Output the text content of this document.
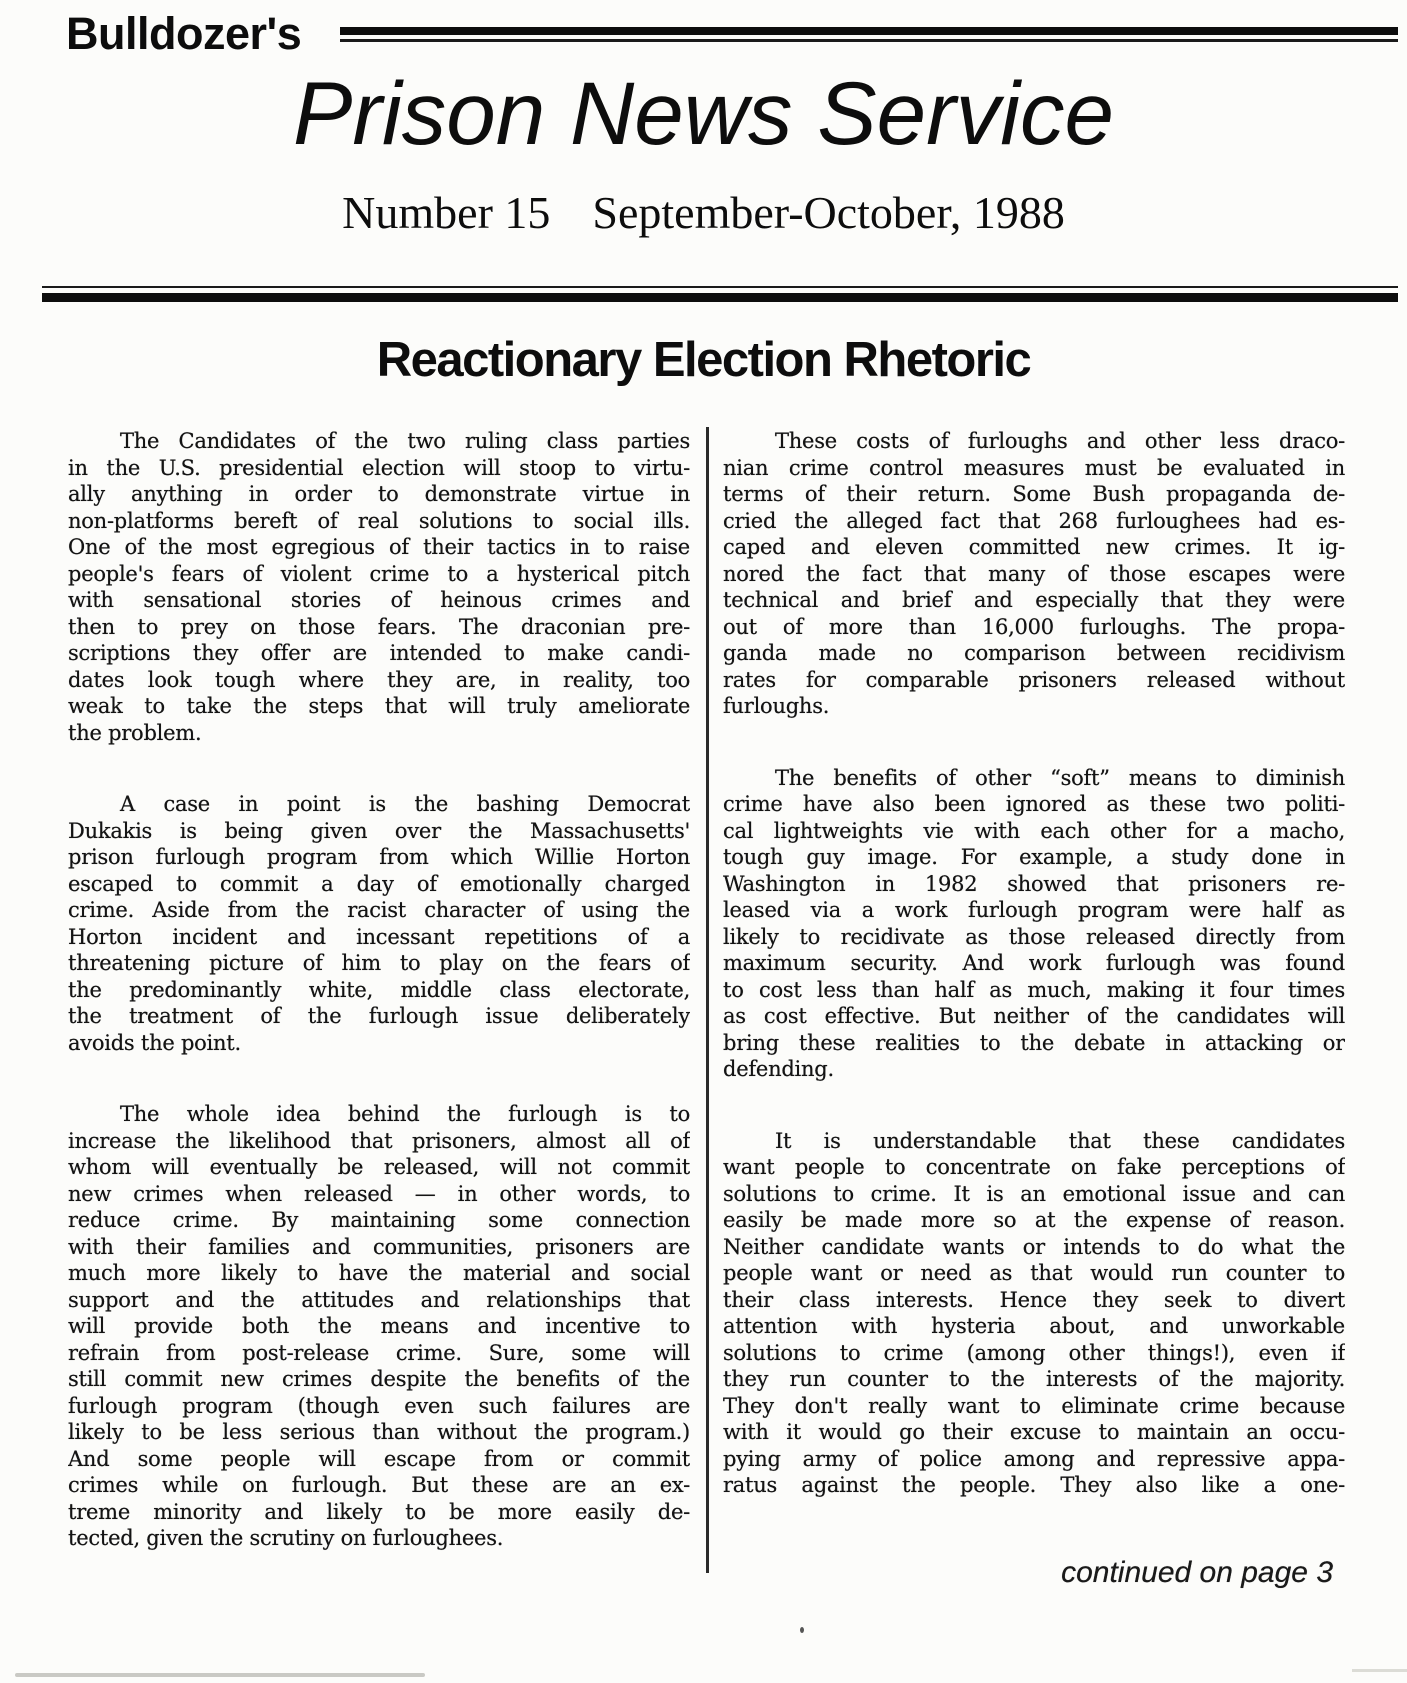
Bulldozer's
Prison News Service
Number 15 September-October, 1988
Reactionary Election Rhetoric
The Candidates of the two ruling class parties
in the U.S. presidential election will stoop to virtu-
ally anything in order to demonstrate virtue in
non-platforms bereft of real solutions to social ills.
One of the most egregious of their tactics in to raise
people's fears of violent crime to a hysterical pitch
with sensational stories of heinous crimes and
then to prey on those fears. The draconian pre-
scriptions they offer are intended to make candi-
dates look tough where they are, in reality, too
weak to take the steps that will truly ameliorate
the problem.
A case in point is the bashing Democrat
Dukakis is being given over the Massachusetts'
prison furlough program from which Willie Horton
escaped to commit a day of emotionally charged
crime. Aside from the racist character of using the
Horton incident and incessant repetitions of a
threatening picture of him to play on the fears of
the predominantly white, middle class electorate,
the treatment of the furlough issue deliberately
avoids the point.
The whole idea behind the furlough is to
increase the likelihood that prisoners, almost all of
whom will eventually be released, will not commit
new crimes when released — in other words, to
reduce crime. By maintaining some connection
with their families and communities, prisoners are
much more likely to have the material and social
support and the attitudes and relationships that
will provide both the means and incentive to
refrain from post-release crime. Sure, some will
still commit new crimes despite the benefits of the
furlough program (though even such failures are
likely to be less serious than without the program.)
And some people will escape from or commit
crimes while on furlough. But these are an ex-
treme minority and likely to be more easily de-
tected, given the scrutiny on furloughees.
These costs of furloughs and other less draco-
nian crime control measures must be evaluated in
terms of their return. Some Bush propaganda de-
cried the alleged fact that 268 furloughees had es-
caped and eleven committed new crimes. It ig-
nored the fact that many of those escapes were
technical and brief and especially that they were
out of more than 16,000 furloughs. The propa-
ganda made no comparison between recidivism
rates for comparable prisoners released without
furloughs.
The benefits of other “soft” means to diminish
crime have also been ignored as these two politi-
cal lightweights vie with each other for a macho,
tough guy image. For example, a study done in
Washington in 1982 showed that prisoners re-
leased via a work furlough program were half as
likely to recidivate as those released directly from
maximum security. And work furlough was found
to cost less than half as much, making it four times
as cost effective. But neither of the candidates will
bring these realities to the debate in attacking or
defending.
It is understandable that these candidates
want people to concentrate on fake perceptions of
solutions to crime. It is an emotional issue and can
easily be made more so at the expense of reason.
Neither candidate wants or intends to do what the
people want or need as that would run counter to
their class interests. Hence they seek to divert
attention with hysteria about, and unworkable
solutions to crime (among other things!), even if
they run counter to the interests of the majority.
They don't really want to eliminate crime because
with it would go their excuse to maintain an occu-
pying army of police among and repressive appa-
ratus against the people. They also like a one-
continued on page 3
